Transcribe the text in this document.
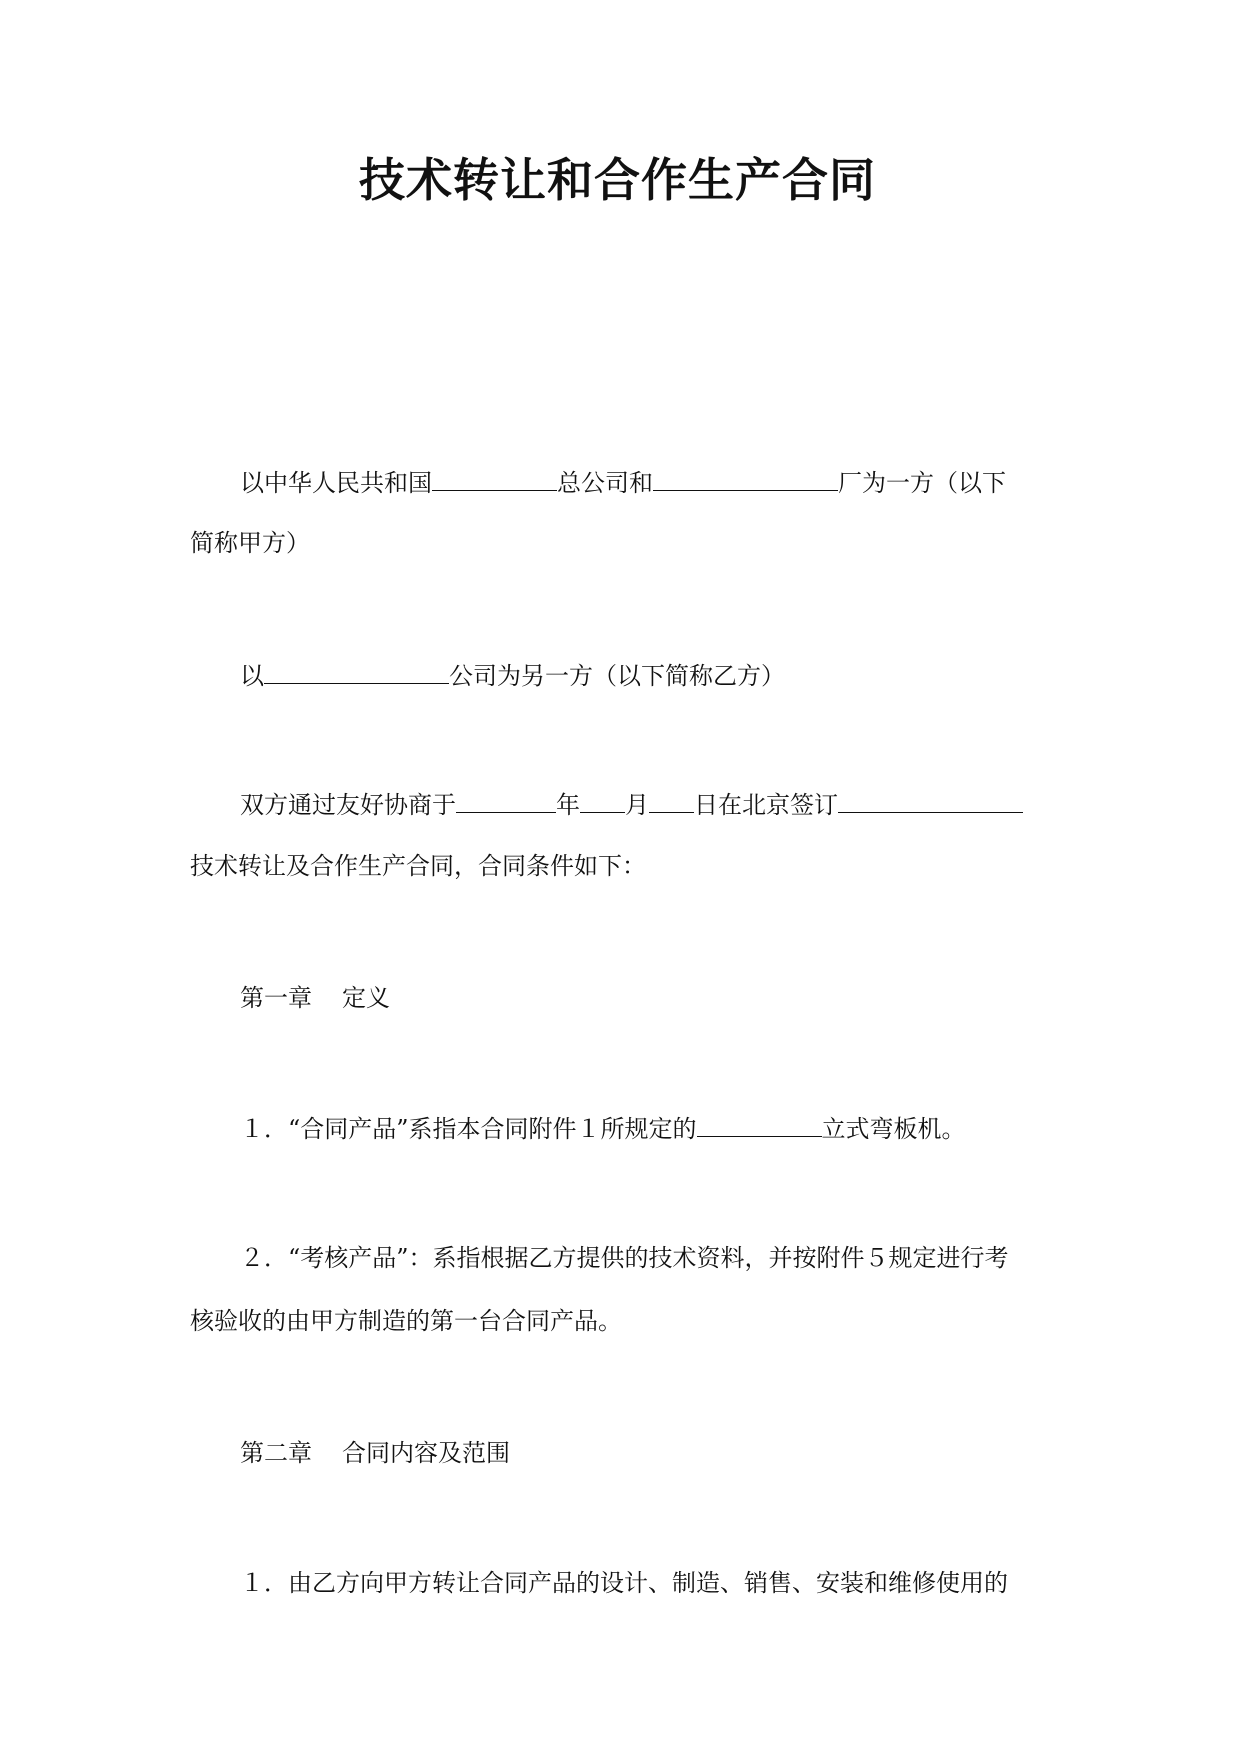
技术转让和合作生产合同
以中华人民共和国	总公司和	厂为一方（以下
简称甲方）
以	公司为另一方（以下简称乙方）
双方通过友好协商于	年 月 日在北京签订
技术转让及合作生产合同，合同条件如下：
第一章 定义
１．“合同产品”系指本合同附件１所规定的	立式弯板机。
２．“考核产品”：系指根据乙方提供的技术资料，并按附件５规定进行考
核验收的由甲方制造的第一台合同产品。
第二章 合同内容及范围
１．由乙方向甲方转让合同产品的设计、制造、销售、安装和维修使用的
